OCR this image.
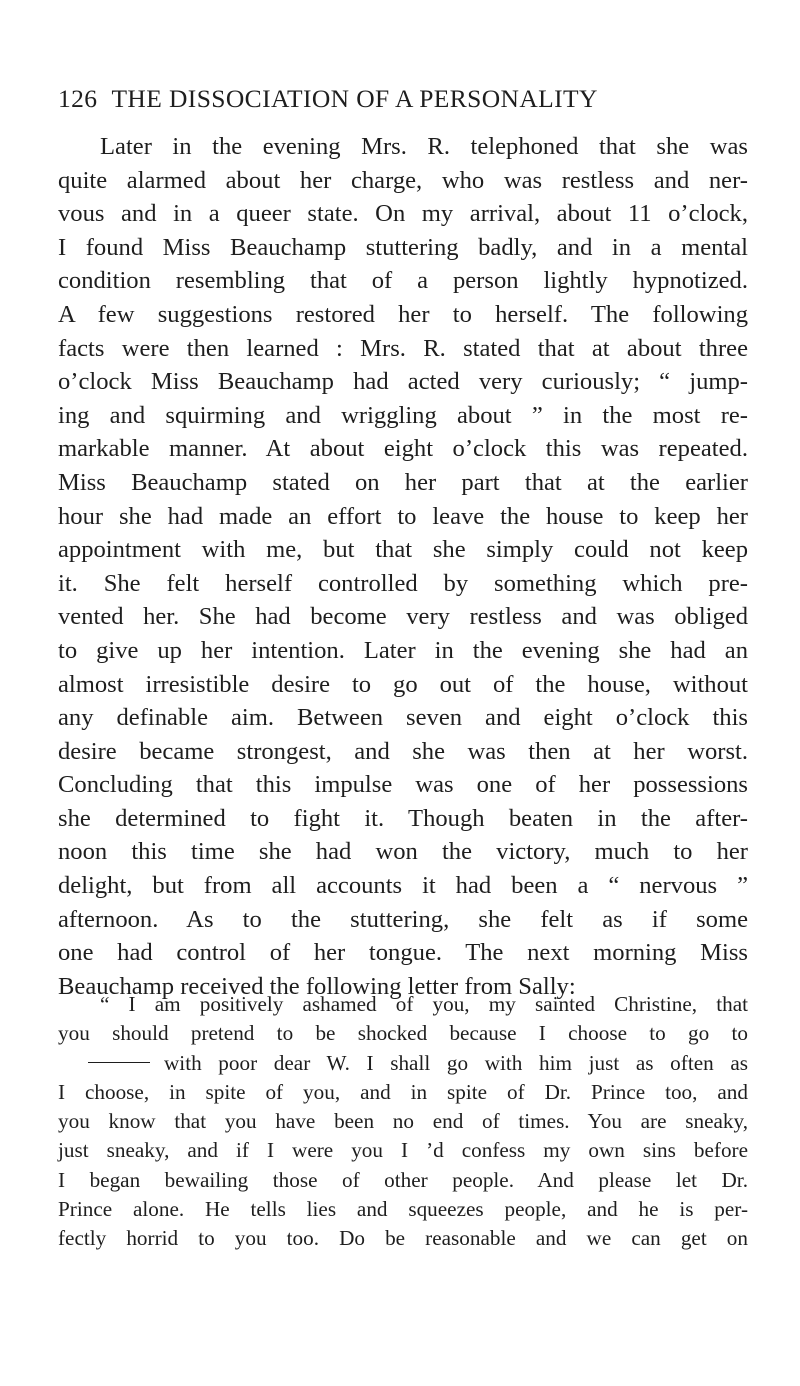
126 THE DISSOCIATION OF A PERSONALITY
Later in the evening Mrs. R. telephoned that she was
quite alarmed about her charge, who was restless and ner-
vous and in a queer state. On my arrival, about 11 o’clock,
I found Miss Beauchamp stuttering badly, and in a mental
condition resembling that of a person lightly hypnotized.
A few suggestions restored her to herself. The following
facts were then learned : Mrs. R. stated that at about three
o’clock Miss Beauchamp had acted very curiously; “ jump-
ing and squirming and wriggling about ” in the most re-
markable manner. At about eight o’clock this was repeated.
Miss Beauchamp stated on her part that at the earlier
hour she had made an effort to leave the house to keep her
appointment with me, but that she simply could not keep
it. She felt herself controlled by something which pre-
vented her. She had become very restless and was obliged
to give up her intention. Later in the evening she had an
almost irresistible desire to go out of the house, without
any definable aim. Between seven and eight o’clock this
desire became strongest, and she was then at her worst.
Concluding that this impulse was one of her possessions
she determined to fight it. Though beaten in the after-
noon this time she had won the victory, much to her
delight, but from all accounts it had been a “ nervous ”
afternoon. As to the stuttering, she felt as if some
one had control of her tongue. The next morning Miss
Beauchamp received the following letter from Sally:
“ I am positively ashamed of you, my sainted Christine, that
you should pretend to be shocked because I choose to go to
with poor dear W. I shall go with him just as often as
I choose, in spite of you, and in spite of Dr. Prince too, and
you know that you have been no end of times. You are sneaky,
just sneaky, and if I were you I ’d confess my own sins before
I began bewailing those of other people. And please let Dr.
Prince alone. He tells lies and squeezes people, and he is per-
fectly horrid to you too. Do be reasonable and we can get on
